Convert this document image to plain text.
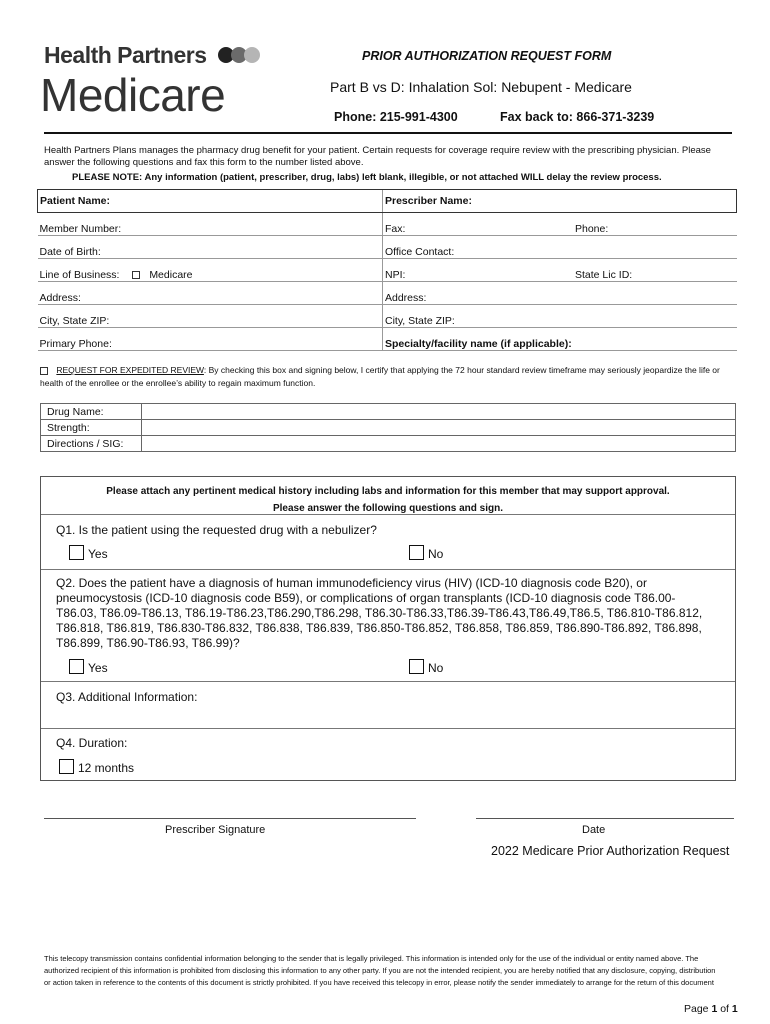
Health Partners
Medicare
PRIOR AUTHORIZATION REQUEST FORM
Part B vs D: Inhalation Sol: Nebupent - Medicare
Phone: 215-991-4300	Fax back to: 866-371-3239
Health Partners Plans manages the pharmacy drug benefit for your patient. Certain requests for coverage require review with the prescribing physician. Please answer the following questions and fax this form to the number listed above.
PLEASE NOTE: Any information (patient, prescriber, drug, labs) left blank, illegible, or not attached WILL delay the review process.
Patient Name:	Prescriber Name:
Member Number:	Fax: Phone:

Date of Birth:	Office Contact:
Line of Business: Medicare	NPI: State Lic ID:

Address:	Address:
City, State ZIP:	City, State ZIP:
Primary Phone:	Specialty/facility name (if applicable):
REQUEST FOR EXPEDITED REVIEW: By checking this box and signing below, I certify that applying the 72 hour standard review timeframe may seriously jeopardize the life or health of the enrollee or the enrollee’s ability to regain maximum function.
Drug Name:	
Strength:	
Directions / SIG:	
Please attach any pertinent medical history including labs and information for this member that may support approval.
Please answer the following questions and sign.
Q1. Is the patient using the requested drug with a nebulizer?
Yes	No
Q2. Does the patient have a diagnosis of human immunodeficiency virus (HIV) (ICD-10 diagnosis code B20), or pneumocystosis (ICD-10 diagnosis code B59), or complications of organ transplants (ICD-10 diagnosis code T86.00-T86.03, T86.09-T86.13, T86.19-T86.23,T86.290,T86.298, T86.30-T86.33,T86.39-T86.43,T86.49,T86.5, T86.810-T86.812, T86.818, T86.819, T86.830-T86.832, T86.838, T86.839, T86.850-T86.852, T86.858, T86.859, T86.890-T86.892, T86.898, T86.899, T86.90-T86.93, T86.99)?
Yes	No
Q3. Additional Information:
Q4. Duration:
12 months
Prescriber Signature	Date
2022 Medicare Prior Authorization Request
This telecopy transmission contains confidential information belonging to the sender that is legally privileged. This information is intended only for the use of the individual or entity named above. The authorized recipient of this information is prohibited from disclosing this information to any other party. If you are not the intended recipient, you are hereby notified that any disclosure, copying, distribution or action taken in reference to the contents of this document is strictly prohibited. If you have received this telecopy in error, please notify the sender immediately to arrange for the return of this document
Page 1 of 1
